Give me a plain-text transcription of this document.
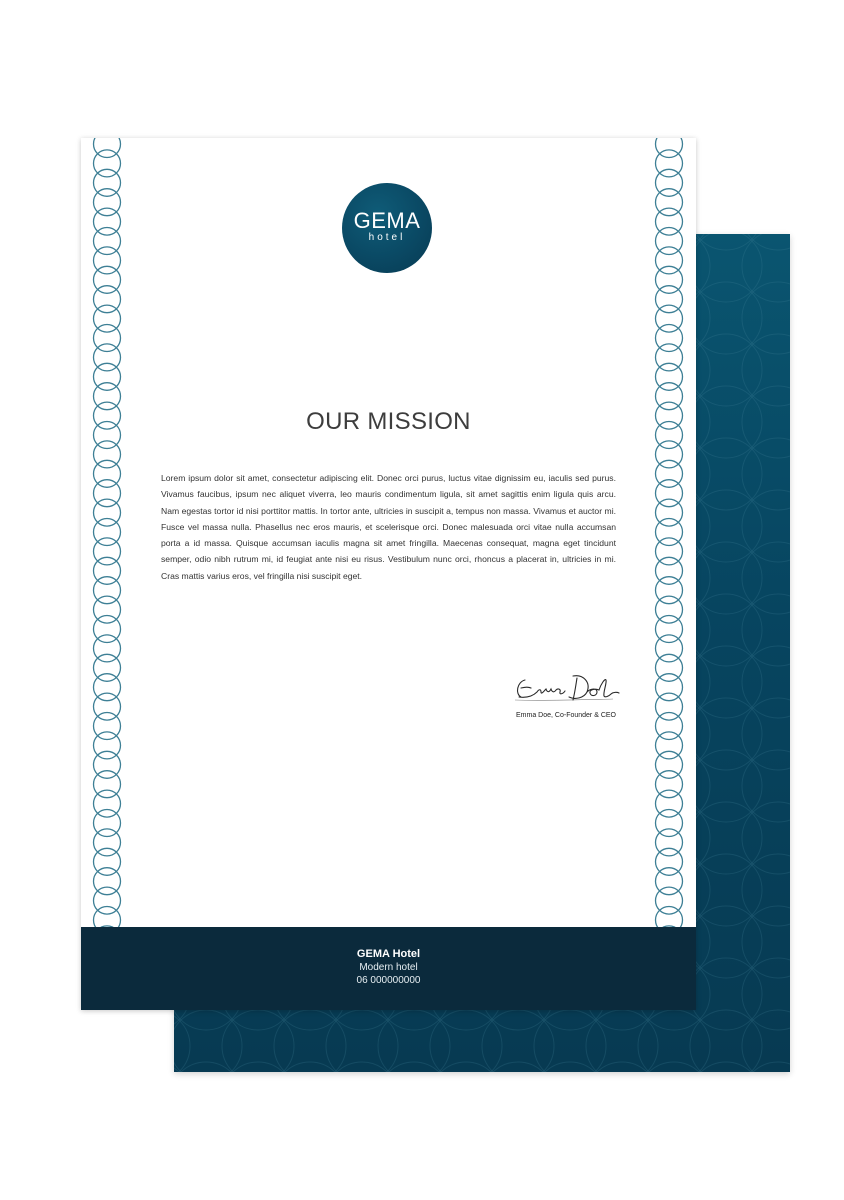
GEMA
hotel
OUR MISSION

Lorem ipsum dolor sit amet, consectetur adipiscing elit. Donec orci purus, luctus vitae dignissim eu, iaculis sed purus. Vivamus faucibus, ipsum nec aliquet viverra, leo mauris condimentum ligula, sit amet sagittis enim ligula quis arcu. Nam egestas tortor id nisi porttitor mattis. In tortor ante, ultricies in suscipit a, tempus non massa. Vivamus et auctor mi. Fusce vel massa nulla. Phasellus nec eros mauris, et scelerisque orci. Donec malesuada orci vitae nulla accumsan porta a id massa. Quisque accumsan iaculis magna sit amet fringilla. Maecenas consequat, magna eget tincidunt semper, odio nibh rutrum mi, id feugiat ante nisi eu risus. Vestibulum nunc orci, rhoncus a placerat in, ultricies in mi. Cras mattis varius eros, vel fringilla nisi suscipit eget.

Emma Doe, Co-Founder & CEO
GEMA Hotel
Modern hotel
06 000000000
